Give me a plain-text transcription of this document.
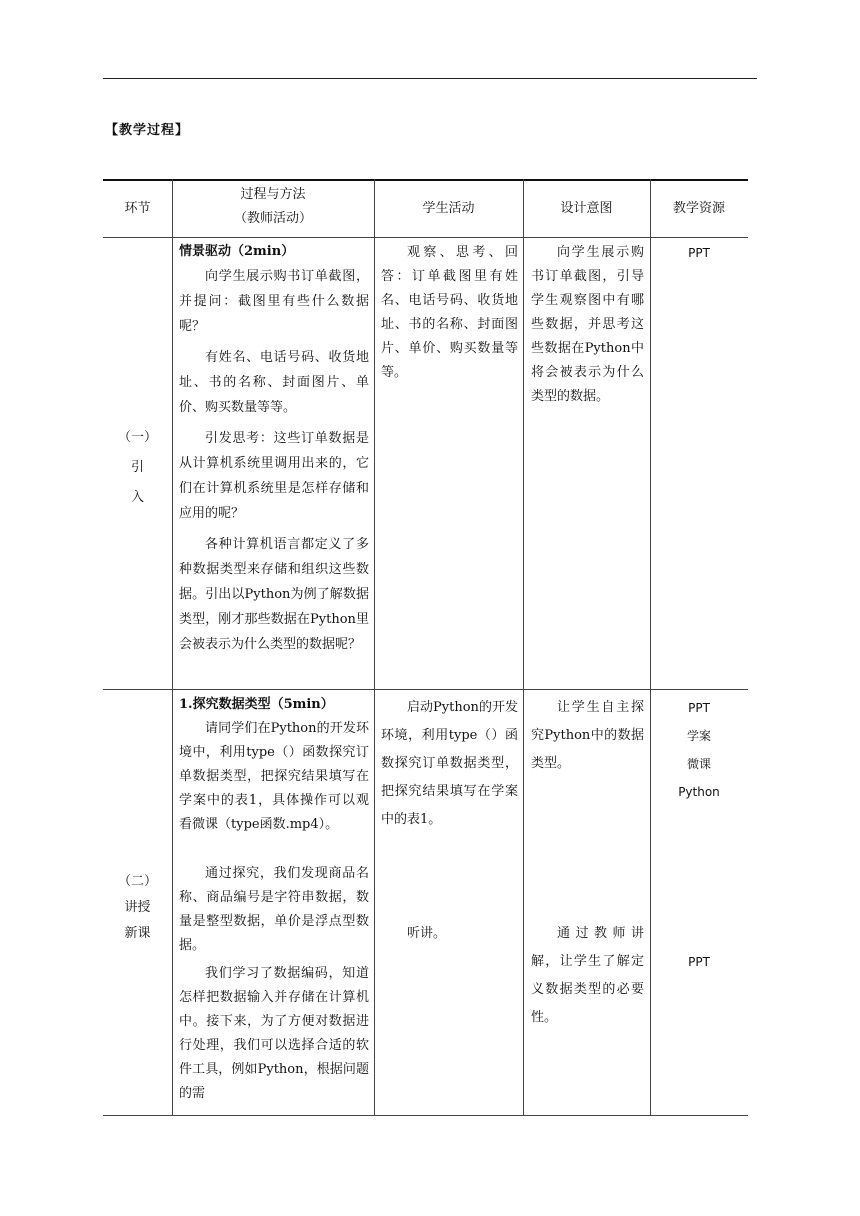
【教学过程】
环节
过程与方法
（教师活动）
学生活动	设计意图	教学资源
（一）
引
入

情景驱动（2min）

向学生展示购书订单截图，并提问：截图里有些什么数据呢？

有姓名、电话号码、收货地址、书的名称、封面图片、单价、购买数量等等。

引发思考：这些订单数据是从计算机系统里调用出来的，它们在计算机系统里是怎样存储和应用的呢？

各种计算机语言都定义了多种数据类型来存储和组织这些数据。引出以Python为例了解数据类型，刚才那些数据在Python里会被表示为什么类型的数据呢？

观察、思考、回答：订单截图里有姓名、电话号码、收货地址、书的名称、封面图片、单价、购买数量等等。

向学生展示购书订单截图，引导学生观察图中有哪些数据，并思考这些数据在Python中将会被表示为什么类型的数据。

PPT
（二）
讲授
新课

1.探究数据类型（5min）

请同学们在Python的开发环境中，利用type（）函数探究订单数据类型，把探究结果填写在学案中的表1，具体操作可以观看微课（type函数.mp4）。

通过探究，我们发现商品名称、商品编号是字符串数据，数量是整型数据，单价是浮点型数据。

我们学习了数据编码，知道怎样把数据输入并存储在计算机中。接下来，为了方便对数据进行处理，我们可以选择合适的软件工具，例如Python，根据问题的需

启动Python的开发环境，利用type（）函数探究订单数据类型，把探究结果填写在学案中的表1。

听讲。

让学生自主探究Python中的数据类型。

通过教师讲解，让学生了解定义数据类型的必要性。

PPT
学案
微课
Python
PPT
